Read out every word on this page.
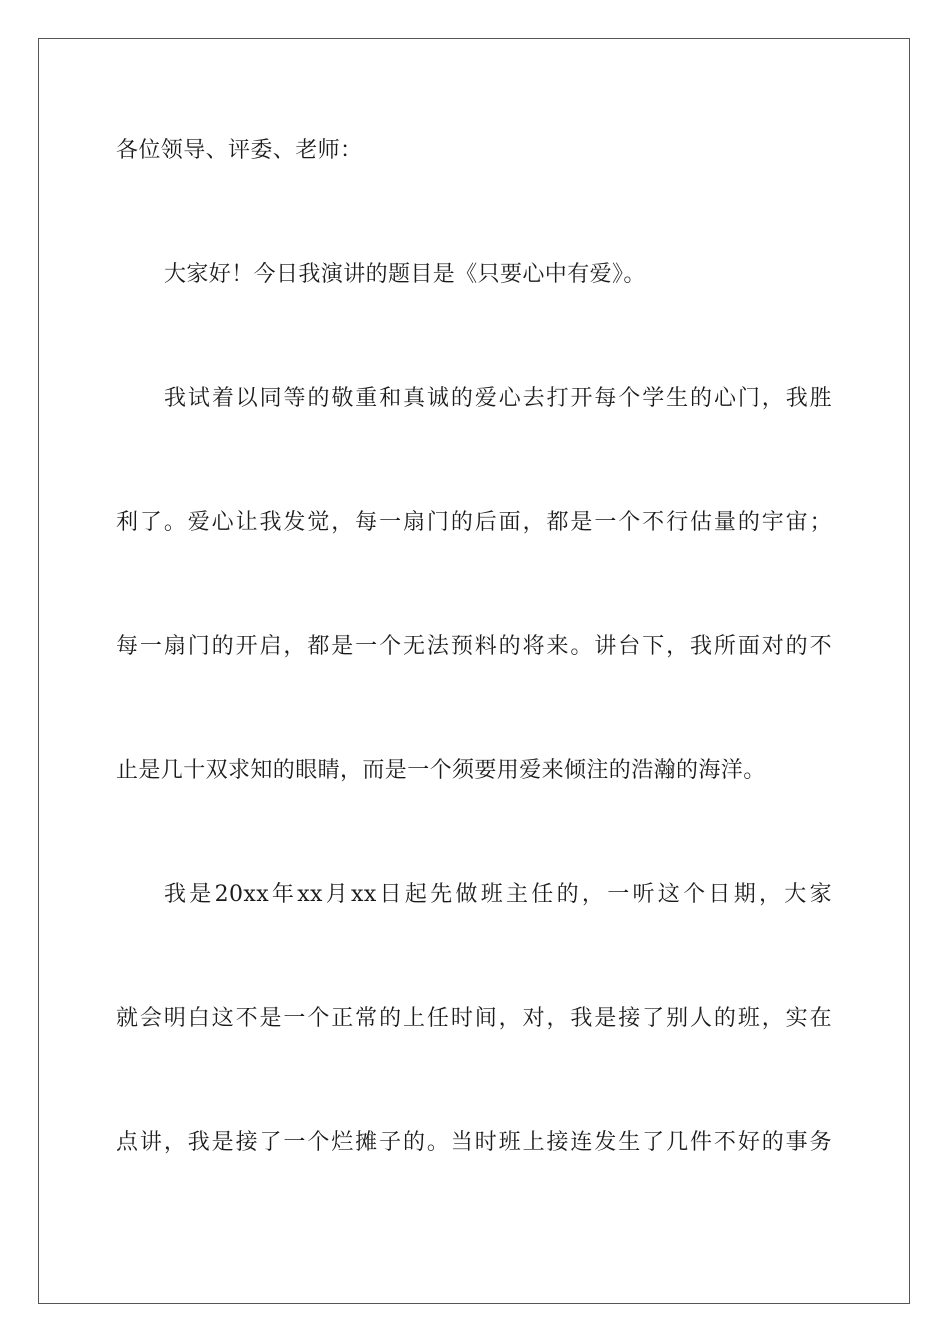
各位领导、评委、老师：
大家好！今日我演讲的题目是《只要心中有爱》。
我试着以同等的敬重和真诚的爱心去打开每个学生的心门，我胜
利了。爱心让我发觉，每一扇门的后面，都是一个不行估量的宇宙；
每一扇门的开启，都是一个无法预料的将来。讲台下，我所面对的不
止是几十双求知的眼睛，而是一个须要用爱来倾注的浩瀚的海洋。
我是20xx年xx月xx日起先做班主任的，一听这个日期，大家
就会明白这不是一个正常的上任时间，对，我是接了别人的班，实在
点讲，我是接了一个烂摊子的。当时班上接连发生了几件不好的事务
